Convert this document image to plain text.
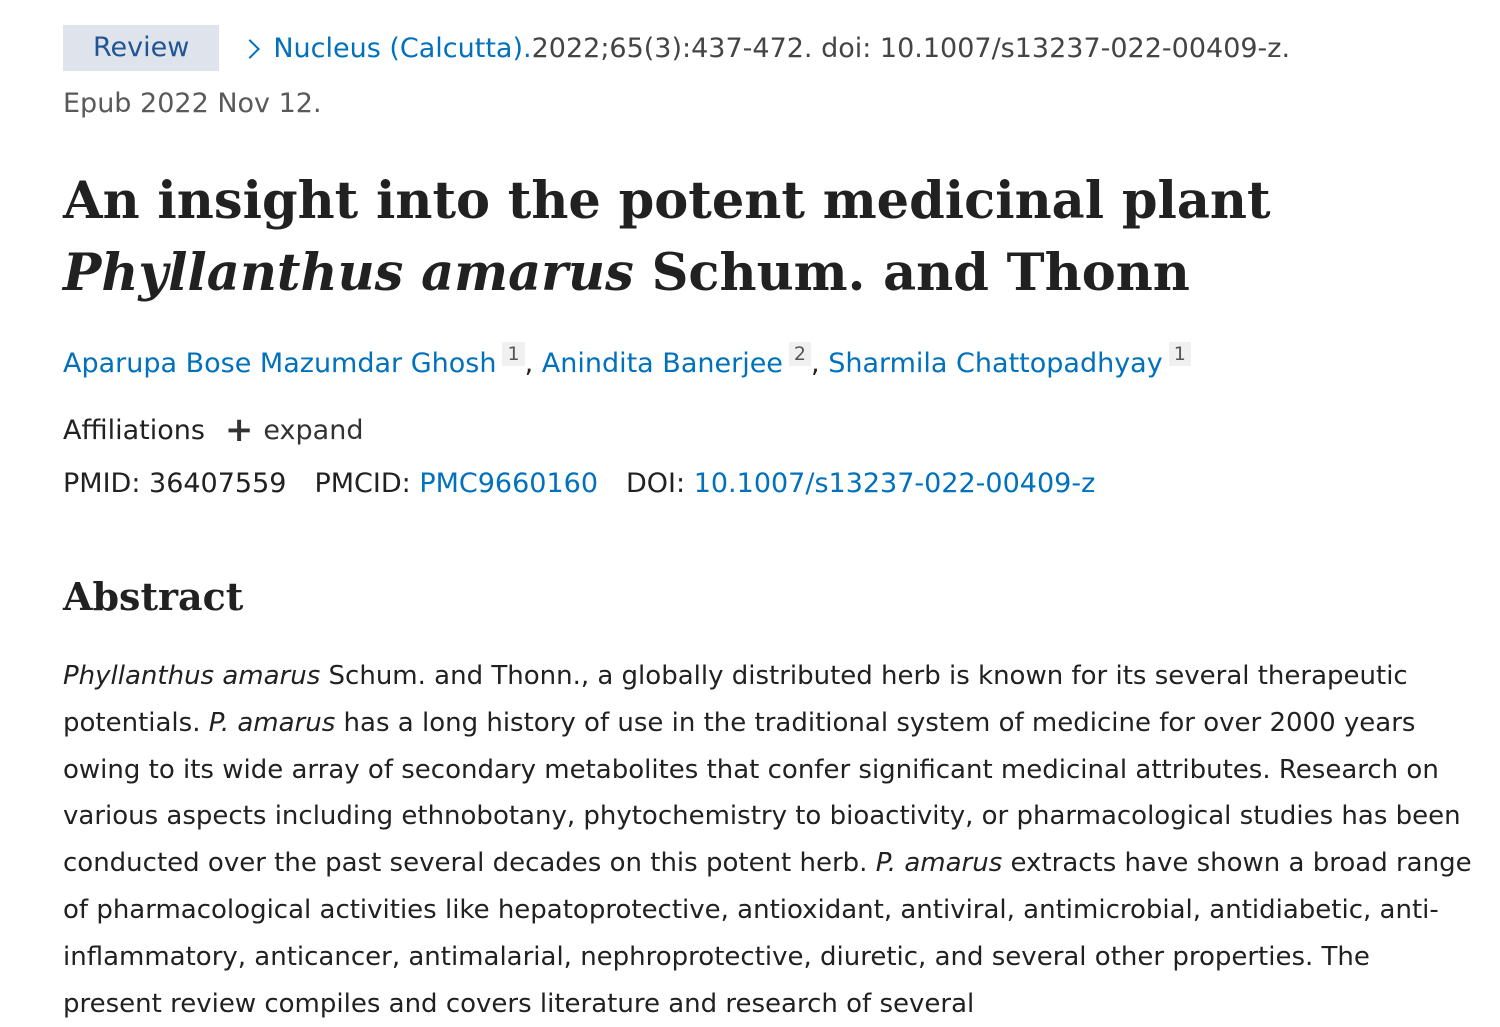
Review	Nucleus (Calcutta). 2022;65(3):437-472. doi: 10.1007/s13237-022-00409-z.
Epub 2022 Nov 12.
An insight into the potent medicinal plant
Phyllanthus amarus Schum. and Thonn
Aparupa Bose Mazumdar Ghosh 1 , Anindita Banerjee 2 , Sharmila Chattopadhyay 1
Affiliations + expand
PMID: 36407559 PMCID: PMC9660160 DOI: 10.1007/s13237-022-00409-z
Abstract

Phyllanthus amarus Schum. and Thonn., a globally distributed herb is known for its several therapeutic potentials. P. amarus has a long history of use in the traditional system of medicine for over 2000 years owing to its wide array of secondary metabolites that confer significant medicinal attributes. Research on various aspects including ethnobotany, phytochemistry to bioactivity, or pharmacological studies has been conducted over the past several decades on this potent herb. P. amarus extracts have shown a broad range of pharmacological activities like hepatoprotective, antioxidant, antiviral, antimicrobial, antidiabetic, anti-inflammatory, anticancer, antimalarial, nephroprotective, diuretic, and several other properties. The present review compiles and covers literature and research of several
